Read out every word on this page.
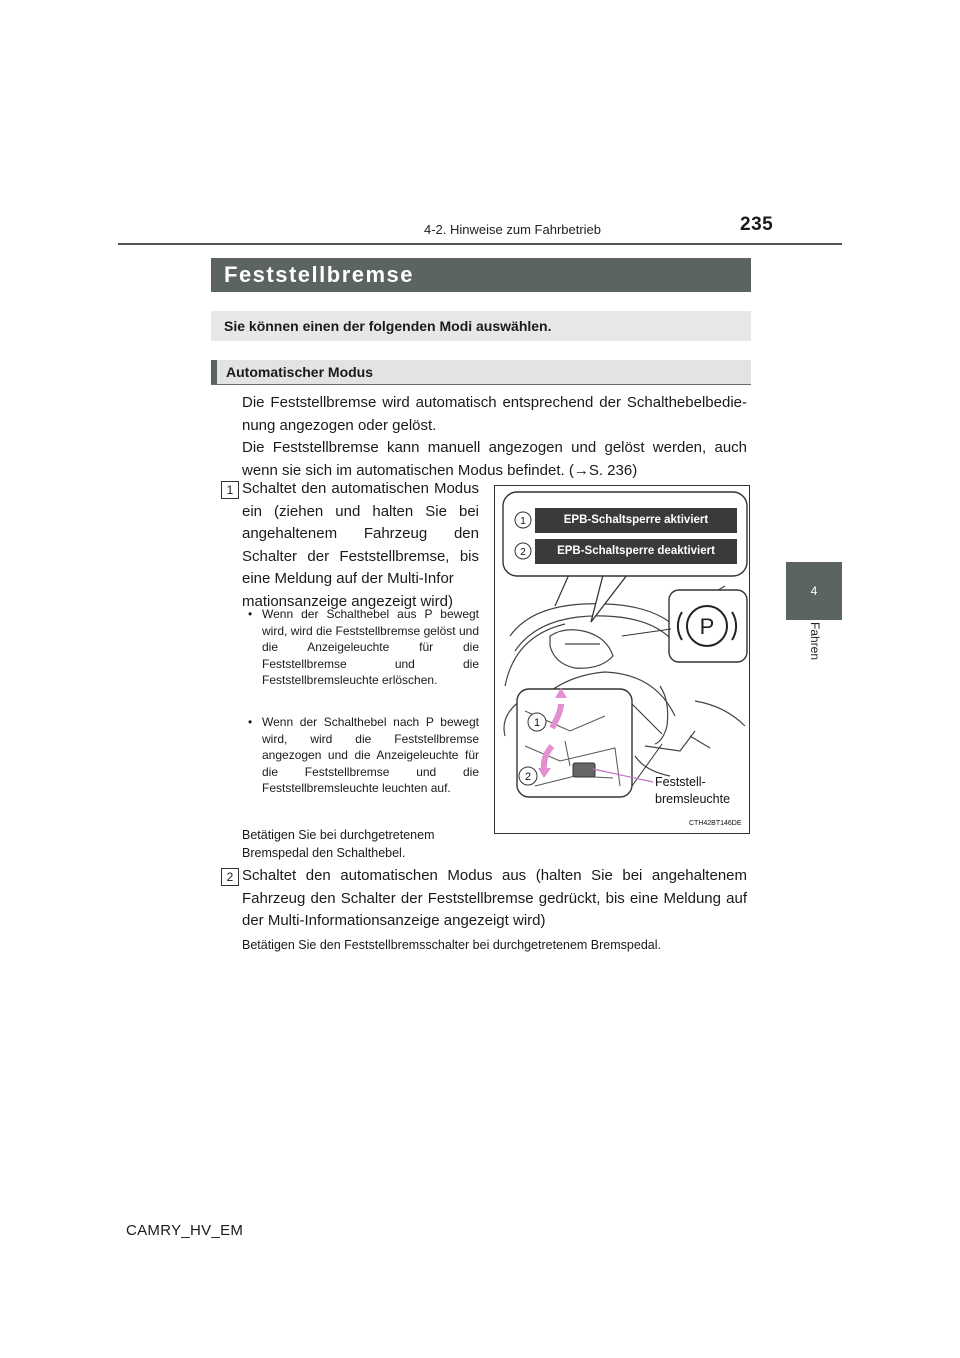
235
4-2. Hinweise zum Fahrbetrieb
4
Fahren
Feststellbremse

Sie können einen der folgenden Modi auswählen.

Automatischer Modus

Die Feststellbremse wird automatisch entsprechend der Schalthebelbedienung angezogen oder gelöst.

Die Feststellbremse kann manuell angezogen und gelöst werden, auch wenn sie sich im automatischen Modus befindet. (→S. 236)

1 Schaltet den automatischen Modus ein (ziehen und halten Sie bei angehaltenem Fahrzeug den Schalter der Feststellbremse, bis eine Meldung auf der Multi-Infor
mationsanzeige angezeigt wird)
• Wenn der Schalthebel aus P bewegt wird, wird die Feststellbremse gelöst und die Anzeigeleuchte für die Feststellbremse und die Feststellbremsleuchte erlöschen.
• Wenn der Schalthebel nach P bewegt wird, wird die Feststellbremse angezogen und die Anzeigeleuchte für die Feststellbremse und die Feststellbremsleuchte leuchten auf.
Betätigen Sie bei durchgetretenem
Bremspedal den Schalthebel.
1
2
1
2
P
EPB-Schaltsperre aktiviert
EPB-Schaltsperre deaktiviert
Feststell-
bremsleuchte
CTH42BT146DE
2 Schaltet den automatischen Modus aus (halten Sie bei angehaltenem Fahrzeug den Schalter der Feststellbremse gedrückt, bis eine Meldung auf der Multi-Informationsanzeige angezeigt wird)
Betätigen Sie den Feststellbremsschalter bei durchgetretenem Bremspedal.
CAMRY_HV_EM
